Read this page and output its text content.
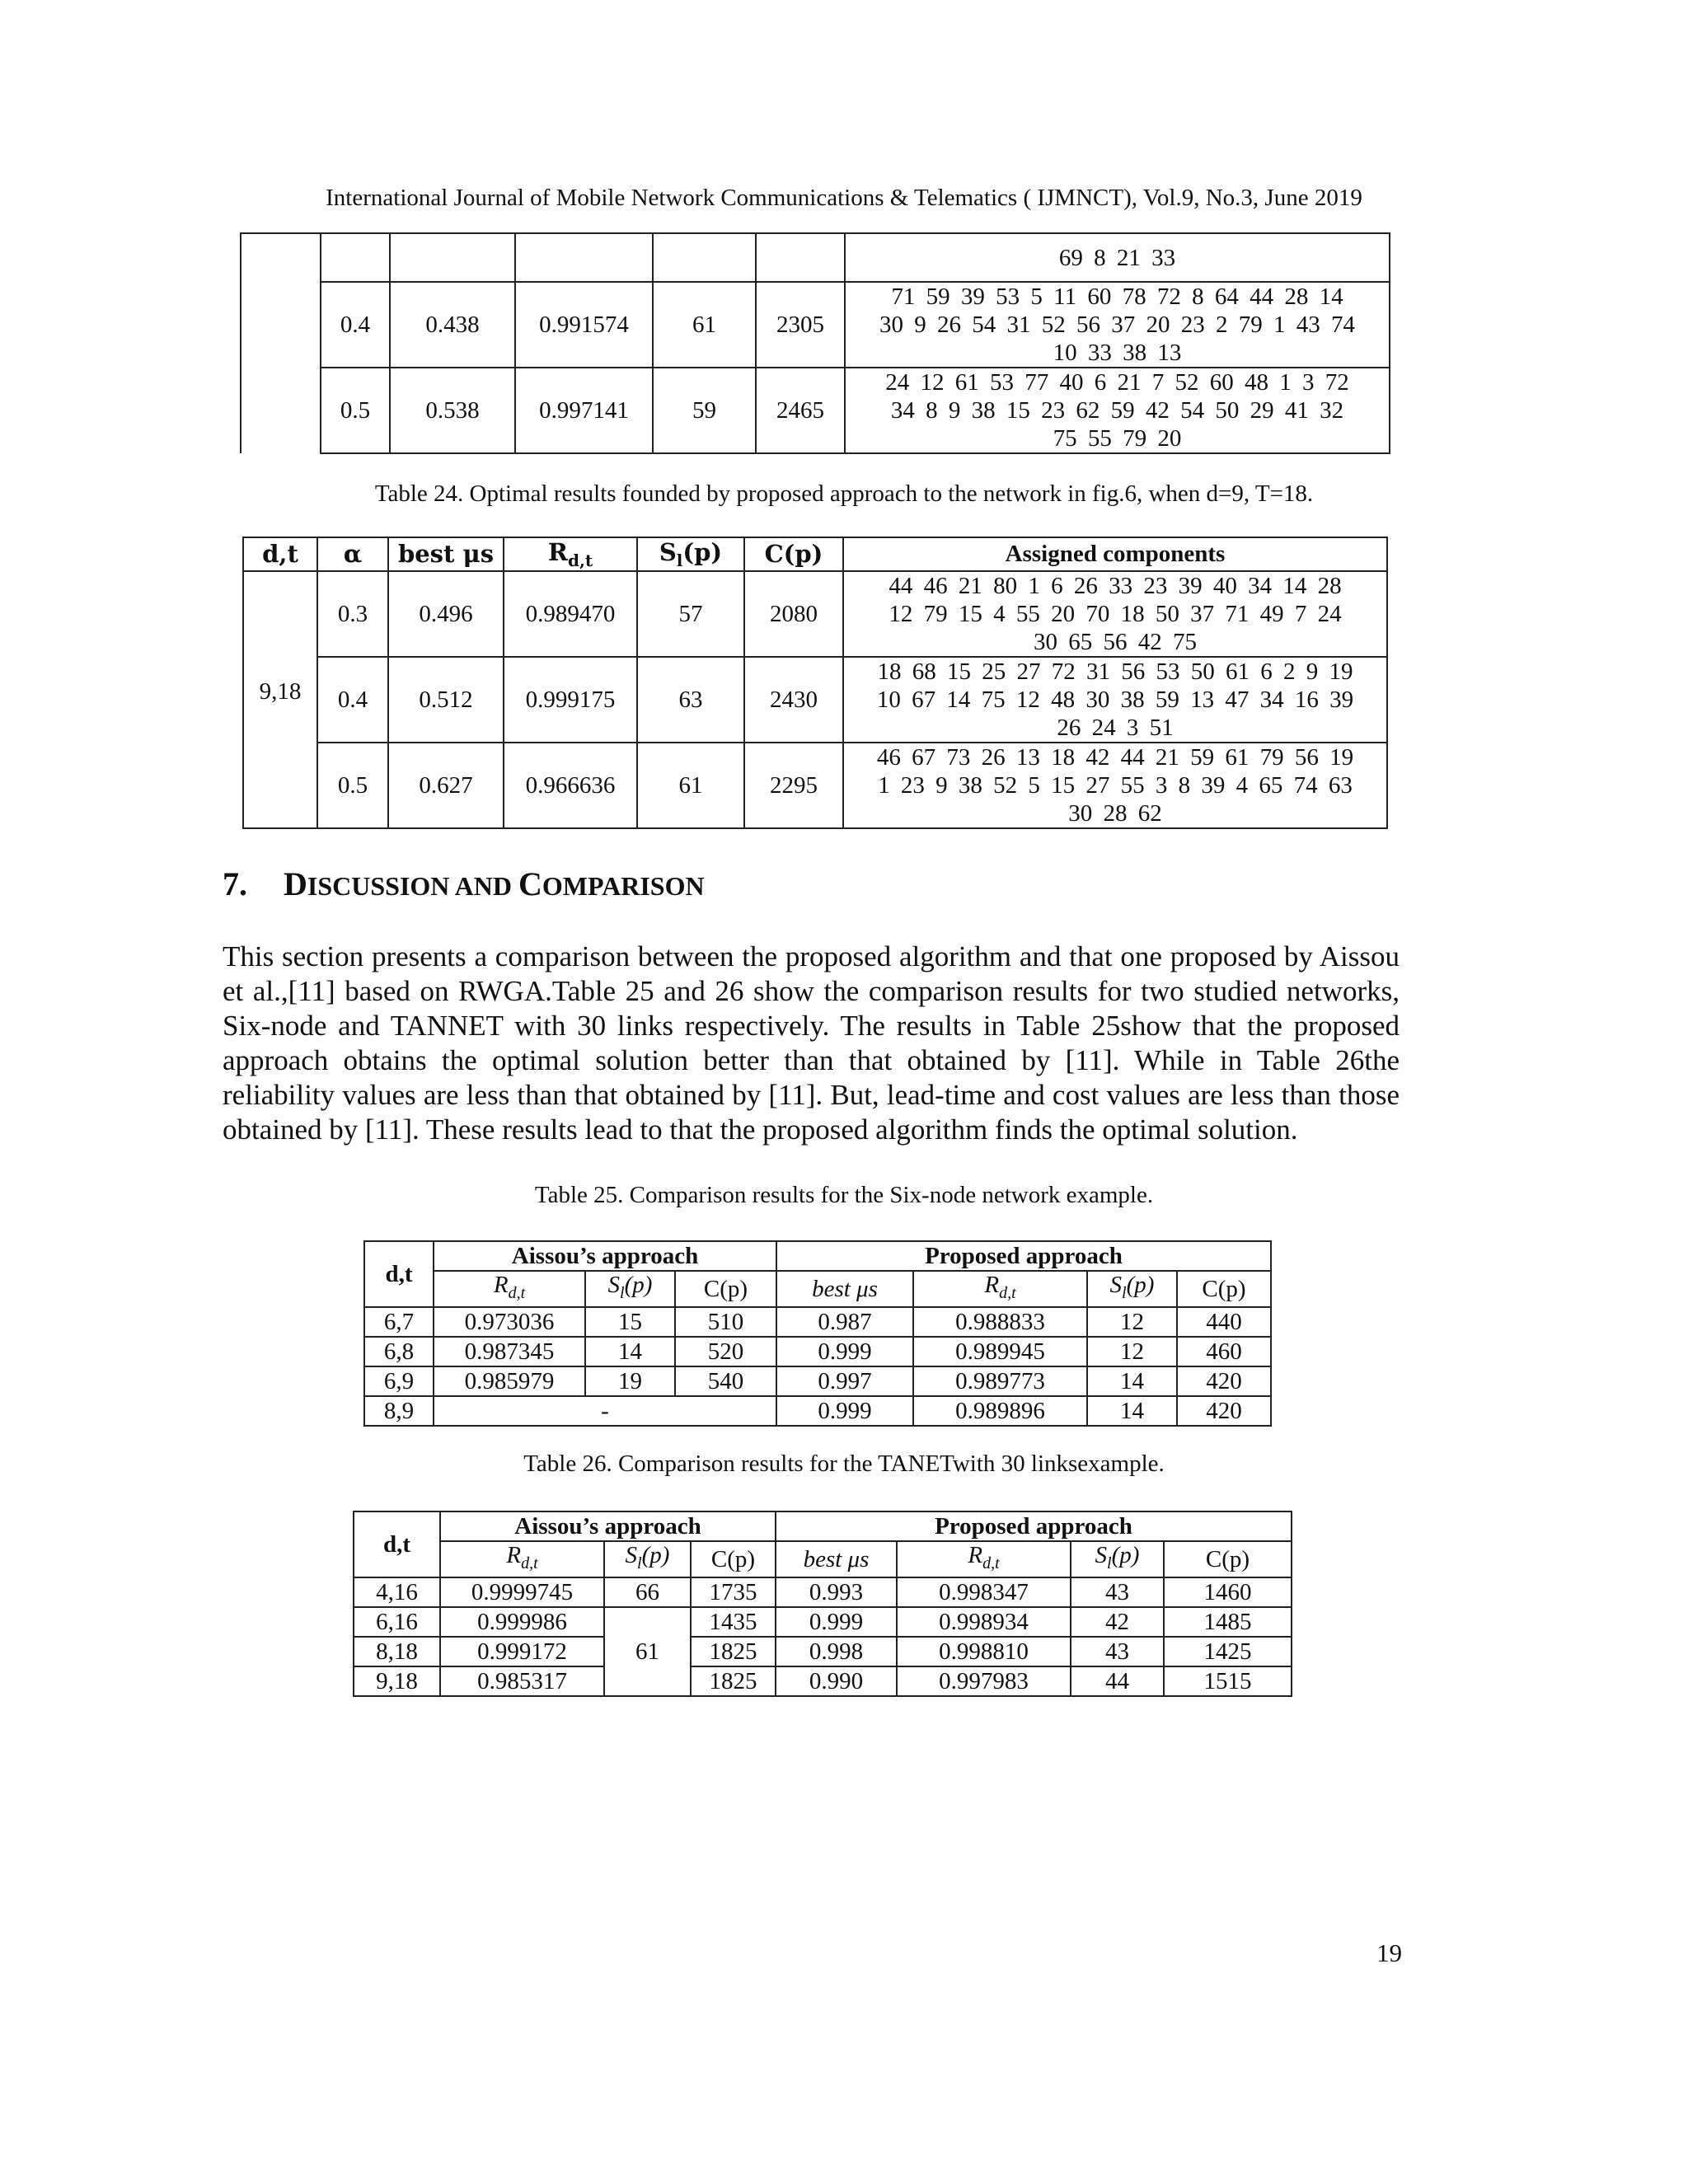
International Journal of Mobile Network Communications & Telematics ( IJMNCT), Vol.9, No.3, June 2019
						69 8 21 33
	0.4	0.438	0.991574	61	2305	71 59 39 53 5 11 60 78 72 8 64 44 28 14
30 9 26 54 31 52 56 37 20 23 2 79 1 43 74
10 33 38 13

	0.5	0.538	0.997141	59	2465	24 12 61 53 77 40 6 21 7 52 60 48 1 3 72
34 8 9 38 15 23 62 59 42 54 50 29 41 32
75 55 79 20
Table 24. Optimal results founded by proposed approach to the network in fig.6, when d=9, T=18.
d,t	α	best μs	$R_{d,t}$	$S_l(p)$	C(p)	Assigned components
9,18	0.3	0.496	0.989470	57	2080	44 46 21 80 1 6 26 33 23 39 40 34 14 28
12 79 15 4 55 20 70 18 50 37 71 49 7 24
30 65 56 42 75

	0.4	0.512	0.999175	63	2430	18 68 15 25 27 72 31 56 53 50 61 6 2 9 19
10 67 14 75 12 48 30 38 59 13 47 34 16 39
26 24 3 51

	0.5	0.627	0.966636	61	2295	46 67 73 26 13 18 42 44 21 59 61 79 56 19
1 23 9 38 52 5 15 27 55 3 8 39 4 65 74 63
30 28 62
7. DISCUSSION AND COMPARISON
This section presents a comparison between the proposed algorithm and that one proposed by Aissou et al.,[11] based on RWGA.Table 25 and 26 show the comparison results for two studied networks, Six-node and TANNET with 30 links respectively. The results in Table 25show that the proposed approach obtains the optimal solution better than that obtained by [11]. While in Table 26the reliability values are less than that obtained by [11]. But, lead-time and cost values are less than those obtained by [11]. These results lead to that the proposed algorithm finds the optimal solution.
Table 25. Comparison results for the Six-node network example.
d,t	Aissou’s approach			Proposed approach			
	$R_{d,t}$	$S_l(p)$	C(p)	best μs	$R_{d,t}$	$S_l(p)$	C(p)
6,7	0.973036	15	510	0.987	0.988833	12	440
6,8	0.987345	14	520	0.999	0.989945	12	460
6,9	0.985979	19	540	0.997	0.989773	14	420
8,9	-			0.999	0.989896	14	420
Table 26. Comparison results for the TANETwith 30 linksexample.
d,t	Aissou’s approach			Proposed approach			
	$R_{d,t}$	$S_l(p)$	C(p)	best μs	$R_{d,t}$	$S_l(p)$	C(p)
4,16	0.9999745	66	1735	0.993	0.998347	43	1460
6,16	0.999986	61	1435	0.999	0.998934	42	1485
8,18	0.999172		1825	0.998	0.998810	43	1425
9,18	0.985317		1825	0.990	0.997983	44	1515
19
